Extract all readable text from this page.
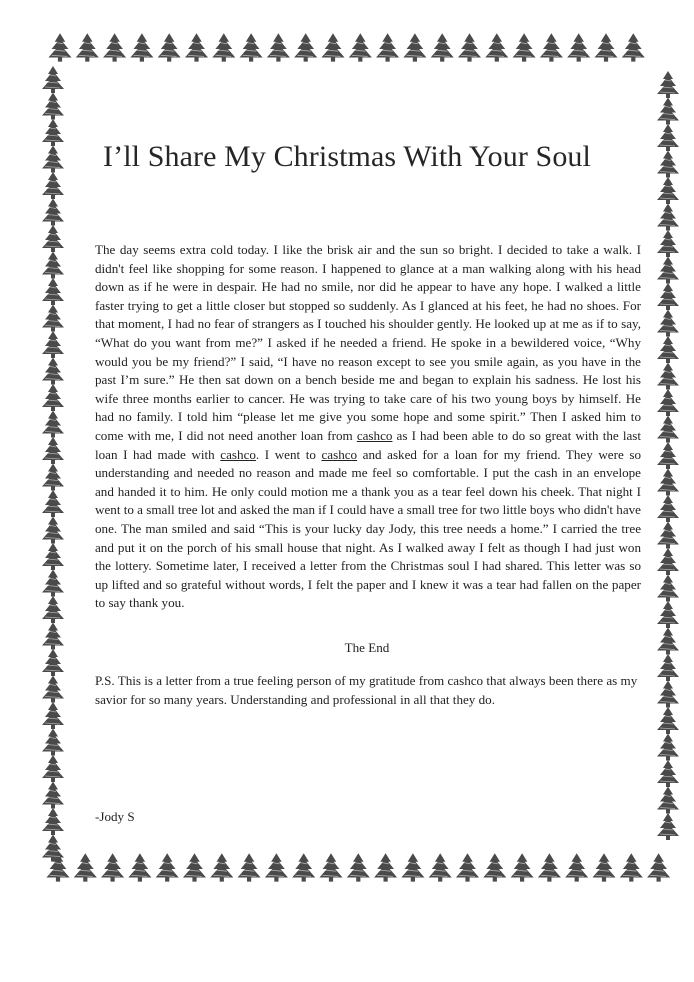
I’ll Share My Christmas With Your Soul

The day seems extra cold today. I like the brisk air and the sun so bright. I decided to take a walk. I didn't feel like shopping for some reason. I happened to glance at a man walking along with his head down as if he were in despair. He had no smile, nor did he appear to have any hope. I walked a little faster trying to get a little closer but stopped so suddenly. As I glanced at his feet, he had no shoes. For that moment, I had no fear of strangers as I touched his shoulder gently. He looked up at me as if to say, “What do you want from me?” I asked if he needed a friend. He spoke in a bewildered voice, “Why would you be my friend?” I said, “I have no reason except to see you smile again, as you have in the past I’m sure.” He then sat down on a bench beside me and began to explain his sadness. He lost his wife three months earlier to cancer. He was trying to take care of his two young boys by himself. He had no family. I told him “please let me give you some hope and some spirit.” Then I asked him to come with me, I did not need another loan from cashco as I had been able to do so great with the last loan I had made with cashco. I went to cashco and asked for a loan for my friend. They were so understanding and needed no reason and made me feel so comfortable. I put the cash in an envelope and handed it to him. He only could motion me a thank you as a tear feel down his cheek. That night I went to a small tree lot and asked the man if I could have a small tree for two little boys who didn't have one. The man smiled and said “This is your lucky day Jody, this tree needs a home.” I carried the tree and put it on the porch of his small house that night. As I walked away I felt as though I had just won the lottery. Sometime later, I received a letter from the Christmas soul I had shared. This letter was so up lifted and so grateful without words, I felt the paper and I knew it was a tear had fallen on the paper to say thank you.

The End
P.S. This is a letter from a true feeling person of my gratitude from cashco that always been there as my savior for so many years. Understanding and professional in all that they do.
-Jody S
